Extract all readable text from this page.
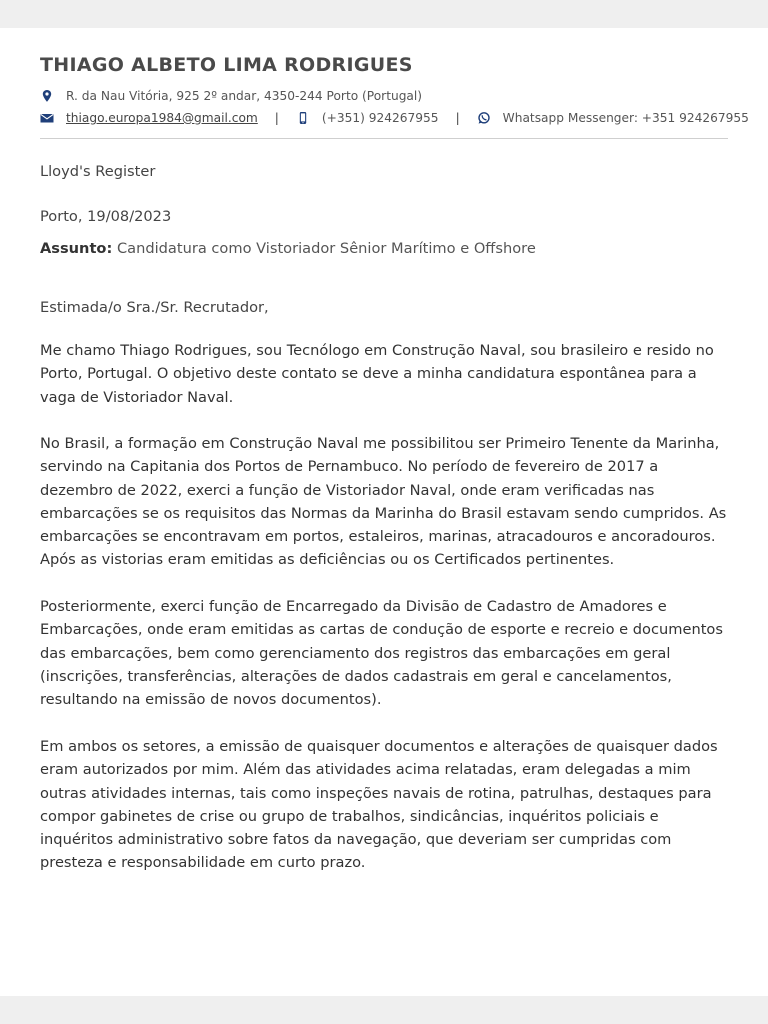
THIAGO ALBETO LIMA RODRIGUES
R. da Nau Vitória, 925 2º andar, 4350-244 Porto (Portugal)
thiago.europa1984@gmail.com |	(+351) 924267955 |	Whatsapp Messenger: +351 924267955
Lloyd's Register
Porto, 19/08/2023
Assunto: Candidatura como Vistoriador Sênior Marítimo e Offshore
Estimada/o Sra./Sr. Recrutador,
Me chamo Thiago Rodrigues, sou Tecnólogo em Construção Naval, sou brasileiro e resido no Porto, Portugal. O objetivo deste contato se deve a minha candidatura espontânea para a vaga de Vistoriador Naval.
No Brasil, a formação em Construção Naval me possibilitou ser Primeiro Tenente da Marinha, servindo na Capitania dos Portos de Pernambuco. No período de fevereiro de 2017 a dezembro de 2022, exerci a função de Vistoriador Naval, onde eram verificadas nas embarcações se os requisitos das Normas da Marinha do Brasil estavam sendo cumpridos. As embarcações se encontravam em portos, estaleiros, marinas, atracadouros e ancoradouros. Após as vistorias eram emitidas as deficiências ou os Certificados pertinentes.
Posteriormente, exerci função de Encarregado da Divisão de Cadastro de Amadores e Embarcações, onde eram emitidas as cartas de condução de esporte e recreio e documentos das embarcações, bem como gerenciamento dos registros das embarcações em geral (inscrições, transferências, alterações de dados cadastrais em geral e cancelamentos, resultando na emissão de novos documentos).
Em ambos os setores, a emissão de quaisquer documentos e alterações de quaisquer dados eram autorizados por mim. Além das atividades acima relatadas, eram delegadas a mim outras atividades internas, tais como inspeções navais de rotina, patrulhas, destaques para compor gabinetes de crise ou grupo de trabalhos, sindicâncias, inquéritos policiais e inquéritos administrativo sobre fatos da navegação, que deveriam ser cumpridas com presteza e responsabilidade em curto prazo.
